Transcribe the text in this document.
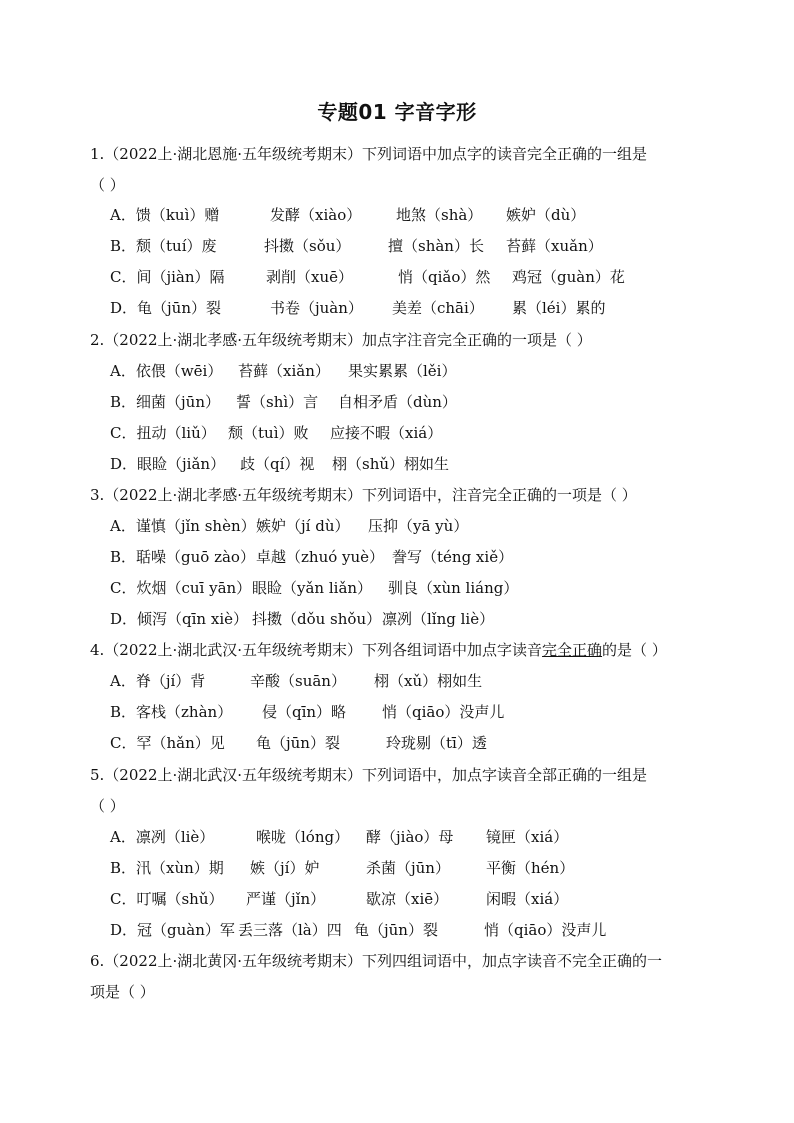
专题01 字音字形
1.（2022上·湖北恩施·五年级统考期末）下列词语中加点字的读音完全正确的一组是
（ ）
A．馈（kuì）赠	发酵（xiào） 地煞（shà） 嫉妒（dù）
B．颓（tuí）废	抖擞（sǒu）	擅（shàn）长 苔藓（xuǎn）
C．间（jiàn）隔	剥削（xuē）	悄（qiǎo）然 鸡冠（guàn）花
D．龟（jūn）裂	书卷（juàn） 美差（chāi） 累（léi）累的
2.（2022上·湖北孝感·五年级统考期末）加点字注音完全正确的一项是（ ）
A．依偎（wēi） 苔藓（xiǎn） 果实累累（lěi）
B．细菌（jūn） 誓（shì）言 自相矛盾（dùn）
C．扭动（liǔ） 颓（tuì）败 应接不暇（xiá）
D．眼睑（jiǎn） 歧（qí）视 栩（shǔ）栩如生
3.（2022上·湖北孝感·五年级统考期末）下列词语中，注音完全正确的一项是（ ）
A．谨慎（jǐn shèn）嫉妒（jí dù） 压抑（yā yù）
B．聒噪（guō zào）卓越（zhuó yuè） 誊写（téng xiě）
C．炊烟（cuī yān）眼睑（yǎn liǎn） 驯良（xùn liáng）
D．倾泻（qīn xiè） 抖擞（dǒu shǒu）凛冽（lǐng liè）
4.（2022上·湖北武汉·五年级统考期末）下列各组词语中加点字读音完全正确的是（ ）
A．脊（jí）背	辛酸（suān） 栩（xǔ）栩如生
B．客栈（zhàn） 侵（qīn）略 悄（qiāo）没声儿
C．罕（hǎn）见 龟（jūn）裂	玲珑剔（tī）透
5.（2022上·湖北武汉·五年级统考期末）下列词语中，加点字读音全部正确的一组是
（ ）
A．凛冽（liè）	喉咙（lóng） 酵（jiào）母 镜匣（xiá）
B．汛（xùn）期 嫉（jí）妒	杀菌（jūn） 平衡（hén）
C．叮嘱（shǔ） 严谨（jǐn）	歇凉（xiē）	闲暇（xiá）
D．冠（guàn）军 丢三落（là）四 龟（jūn）裂	悄（qiāo）没声儿
6.（2022上·湖北黄冈·五年级统考期末）下列四组词语中，加点字读音不完全正确的一
项是（ ）
